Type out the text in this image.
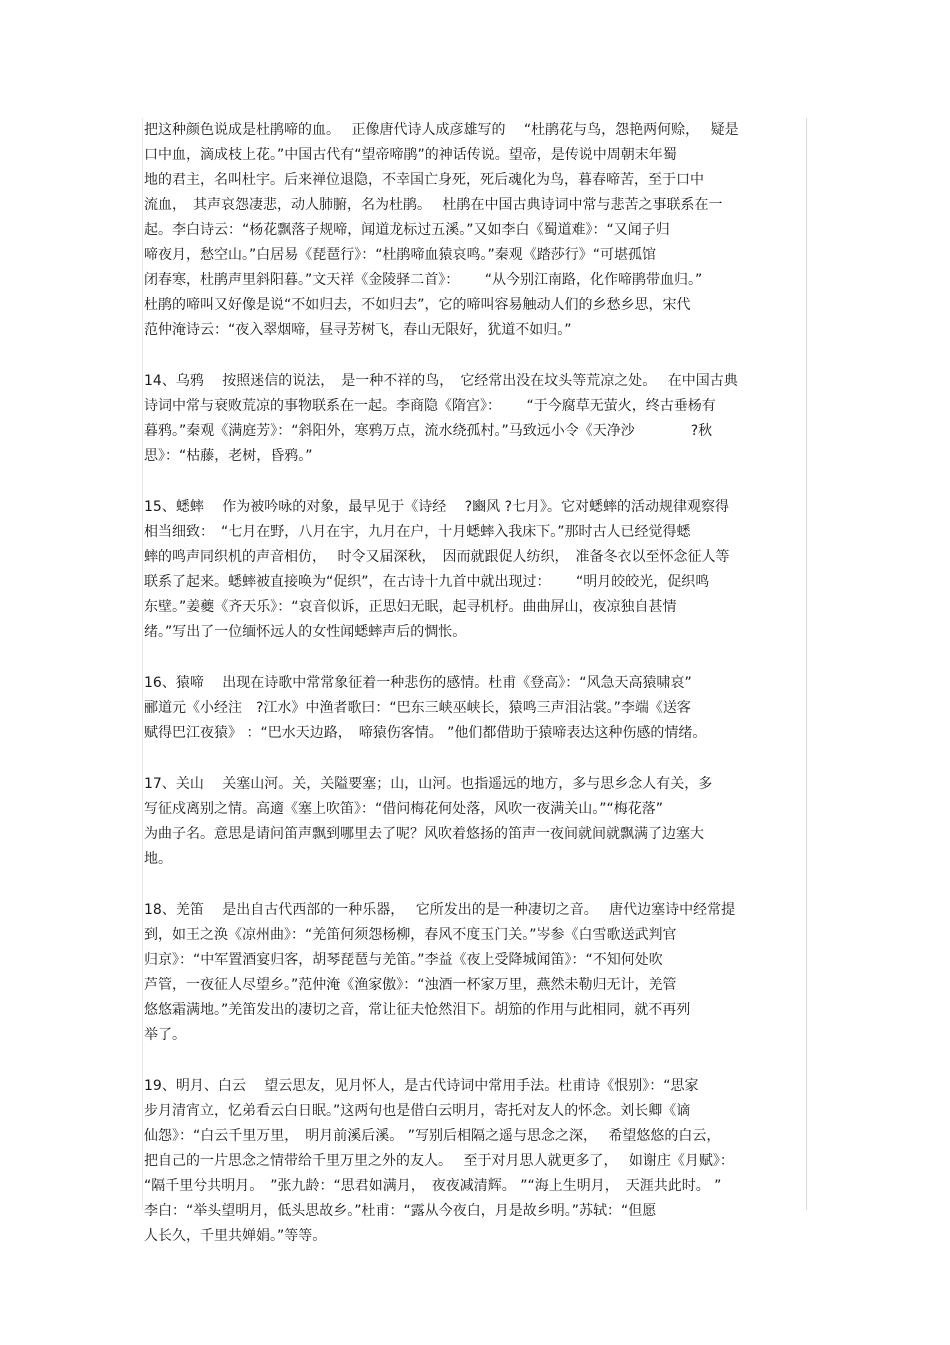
把这种颜色说成是杜鹃啼的血。　 正像唐代诗人成彦雄写的　 “杜鹃花与鸟，怨艳两何赊，　 疑是
口中血，滴成枝上花。”中国古代有“望帝啼鹃”的神话传说。望帝，是传说中周朝末年蜀
地的君主，名叫杜宇。后来禅位退隐，不幸国亡身死，死后魂化为鸟，暮春啼苦，至于口中
流血，　其声哀怨凄悲，动人肺腑，名为杜鹃。　 杜鹃在中国古典诗词中常与悲苦之事联系在一
起。李白诗云：“杨花飘落子规啼，闻道龙标过五溪。”又如李白《蜀道难》：“又闻子归
啼夜月，愁空山。”白居易《琵琶行》：“杜鹃啼血猿哀鸣。”秦观《踏莎行》“可堪孤馆
闭春寒，杜鹃声里斜阳暮。”文天祥《金陵驿二首》：　　 “从今别江南路，化作啼鹃带血归。”
杜鹃的啼叫又好像是说“不如归去，不如归去”，它的啼叫容易触动人们的乡愁乡思，宋代
范仲淹诗云：“夜入翠烟啼，昼寻芳树飞，春山无限好，犹道不如归。”
14、乌鸦　 按照迷信的说法，　是一种不祥的鸟，　它经常出没在坟头等荒凉之处。　 在中国古典
诗词中常与衰败荒凉的事物联系在一起。李商隐《隋宫》：　　 “于今腐草无萤火，终古垂杨有
暮鸦。”秦观《满庭芳》：“斜阳外，寒鸦万点，流水绕孤村。”马致远小令《天净沙　　　　?秋
思》：“枯藤，老树，昏鸦。”
15、蟋蟀　 作为被吟咏的对象，最早见于《诗经　 ?豳风 ?七月》。它对蟋蟀的活动规律观察得
相当细致：　“七月在野，八月在宇，九月在户，十月蟋蟀入我床下。”那时古人已经觉得蟋
蟀的鸣声同织机的声音相仿，　 时令又届深秋，　因而就跟促人纺织，　准备冬衣以至怀念征人等
联系了起来。蟋蟀被直接唤为“促织”，在古诗十九首中就出现过：　　 “明月皎皎光，促织鸣
东壁。”姜夔《齐天乐》：“哀音似诉，正思妇无眠，起寻机杼。曲曲屏山，夜凉独自甚情
绪。”写出了一位缅怀远人的女性闻蟋蟀声后的惆怅。
16、猿啼　 出现在诗歌中常常象征着一种悲伤的感情。杜甫《登高》：“风急天高猿啸哀”
郦道元《小经注　?江水》中渔者歌曰：“巴东三峡巫峡长，猿鸣三声泪沾裳。”李端《送客
赋得巴江夜猿》 ：“巴水天边路，　啼猿伤客情。 ”他们都借助于猿啼表达这种伤感的情绪。
17、关山　 关塞山河。关，关隘要塞；山，山河。也指遥远的地方，多与思乡念人有关，多
写征戍离别之情。高適《塞上吹笛》：“借问梅花何处落，风吹一夜满关山。”“梅花落”
为曲子名。意思是请问笛声飘到哪里去了呢？风吹着悠扬的笛声一夜间就间就飘满了边塞大
地。
18、羌笛　 是出自古代西部的一种乐器，　 它所发出的是一种凄切之音。　 唐代边塞诗中经常提
到，如王之涣《凉州曲》：“羌笛何须怨杨柳，春风不度玉门关。”岑参《白雪歌送武判官
归京》：“中军置酒宴归客，胡琴琵琶与羌笛。”李益《夜上受降城闻笛》：“不知何处吹
芦管，一夜征人尽望乡。”范仲淹《渔家傲》：“浊酒一杯家万里，燕然未勒归无计，羌管
悠悠霜满地。”羌笛发出的凄切之音，常让征夫怆然泪下。胡笳的作用与此相同，就不再列
举了。
19、明月、白云　 望云思友，见月怀人，是古代诗词中常用手法。杜甫诗《恨别》：“思家
步月清宵立，忆弟看云白日眠。”这两句也是借白云明月，寄托对友人的怀念。刘长卿《谪
仙怨》：“白云千里万里，　明月前溪后溪。 ”写别后相隔之遥与思念之深，　 希望悠悠的白云，
把自己的一片思念之情带给千里万里之外的友人。　 至于对月思人就更多了，　 如谢庄《月赋》：
“隔千里兮共明月。　”张九龄：“思君如满月，　夜夜减清辉。 ”“海上生明月，　天涯共此时。 ”
李白：“举头望明月，低头思故乡。”杜甫：“露从今夜白，月是故乡明。”苏轼：“但愿
人长久，千里共婵娟。”等等。
